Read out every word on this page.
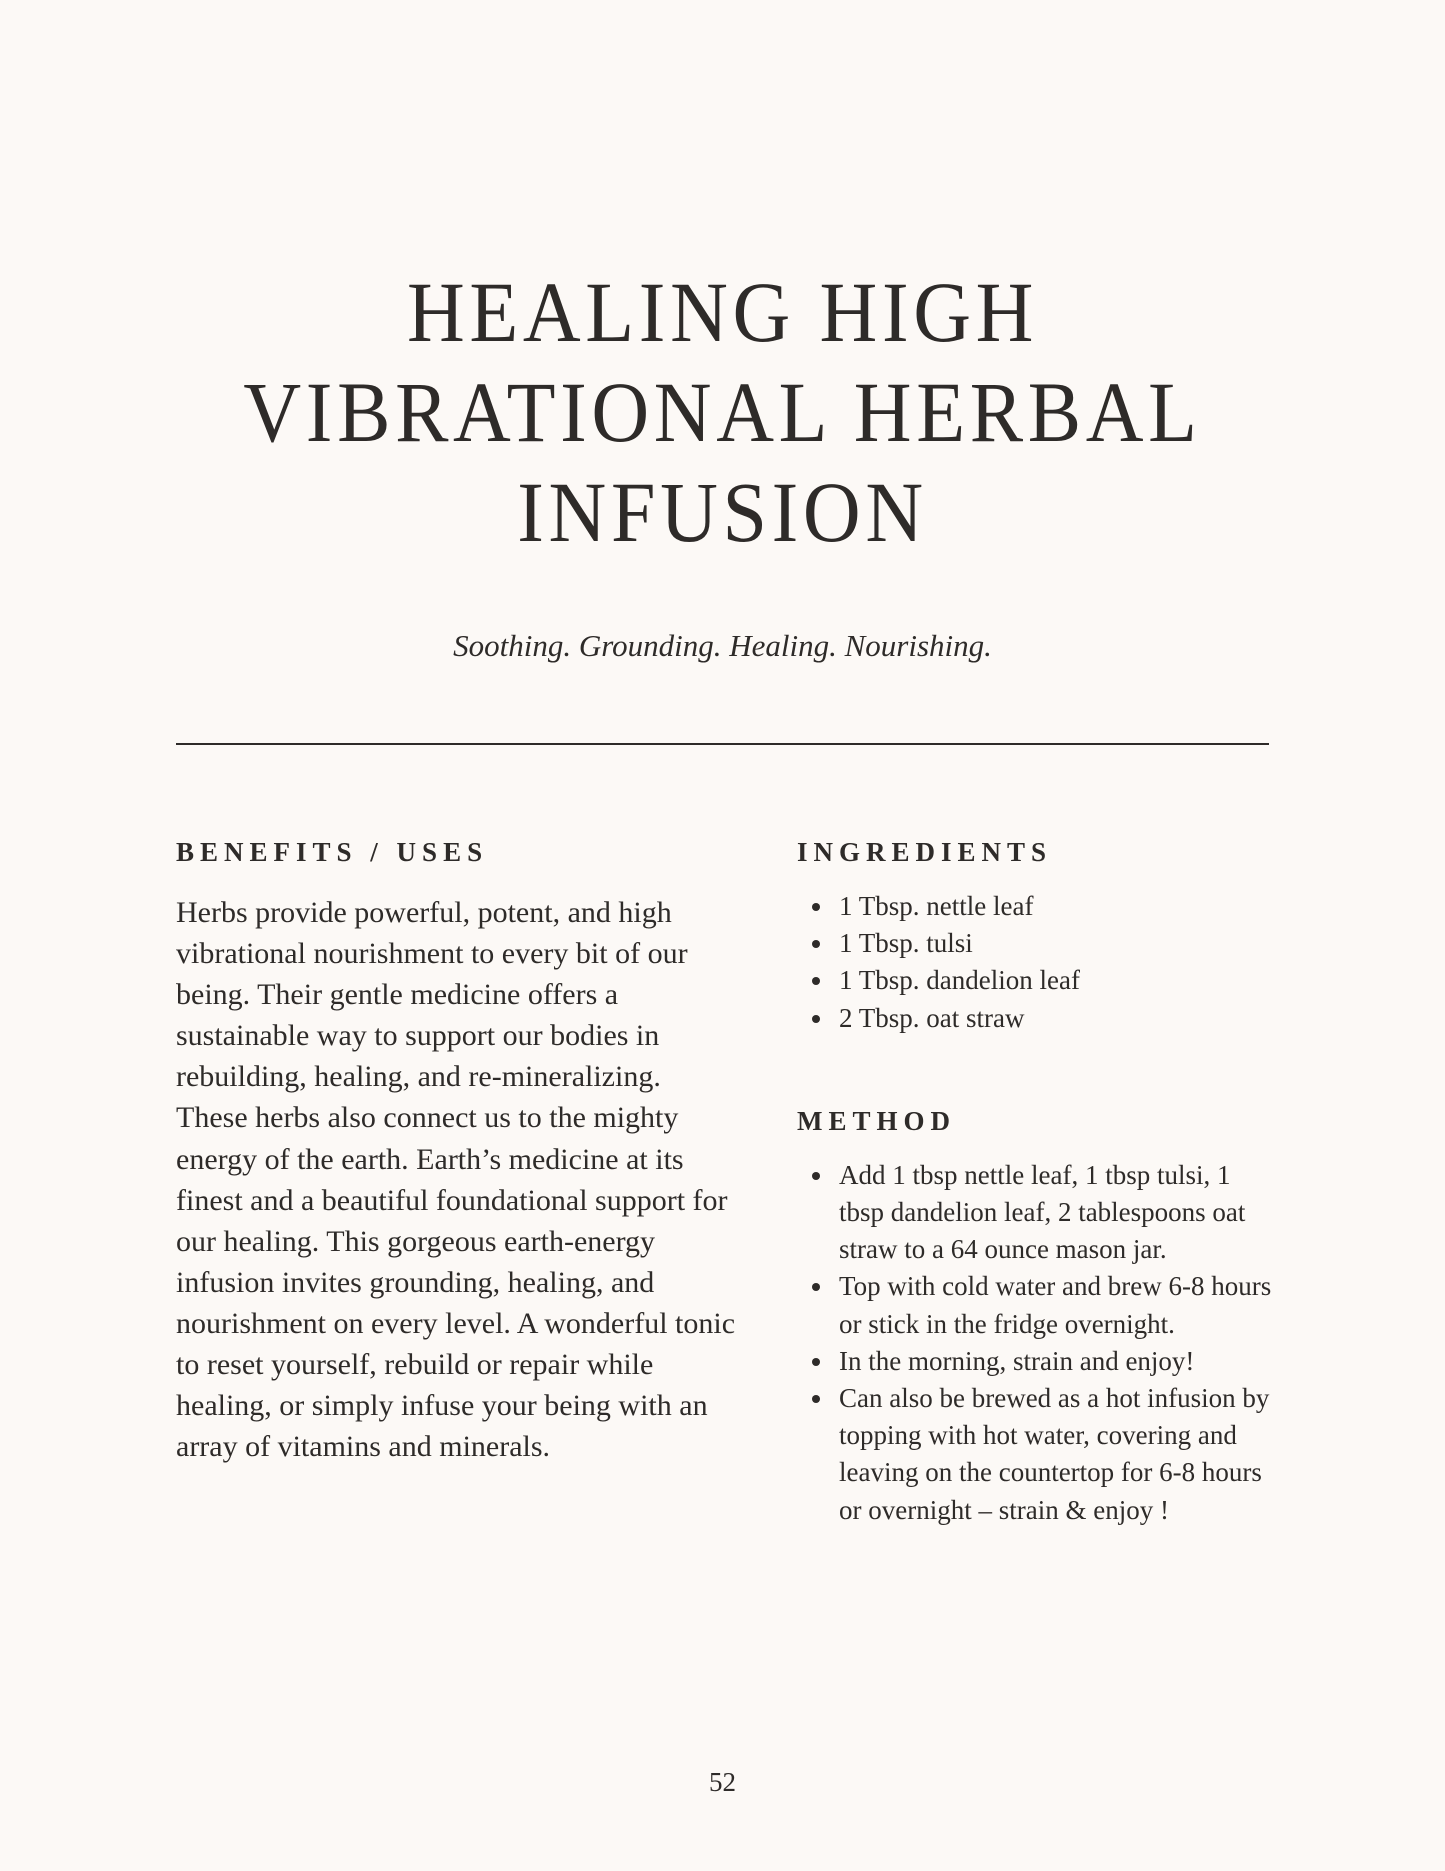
HEALING HIGH
VIBRATIONAL HERBAL
INFUSION

Soothing. Grounding. Healing. Nourishing.

BENEFITS / USES

Herbs provide powerful, potent, and high vibrational nourishment to every bit of our being. Their gentle medicine offers a sustainable way to support our bodies in rebuilding, healing, and re-mineralizing. These herbs also connect us to the mighty energy of the earth. Earth’s medicine at its finest and a beautiful foundational support for our healing. This gorgeous earth-energy infusion invites grounding, healing, and nourishment on every level. A wonderful tonic to reset yourself, rebuild or repair while healing, or simply infuse your being with an array of vitamins and minerals.

INGREDIENTS
1 Tbsp. nettle leaf
1 Tbsp. tulsi
1 Tbsp. dandelion leaf
2 Tbsp. oat straw
METHOD
Add 1 tbsp nettle leaf, 1 tbsp tulsi, 1 tbsp dandelion leaf, 2 tablespoons oat straw to a 64 ounce mason jar.
Top with cold water and brew 6-8 hours or stick in the fridge overnight.
In the morning, strain and enjoy!
Can also be brewed as a hot infusion by topping with hot water, covering and leaving on the countertop for 6-8 hours or overnight – strain & enjoy !
52
